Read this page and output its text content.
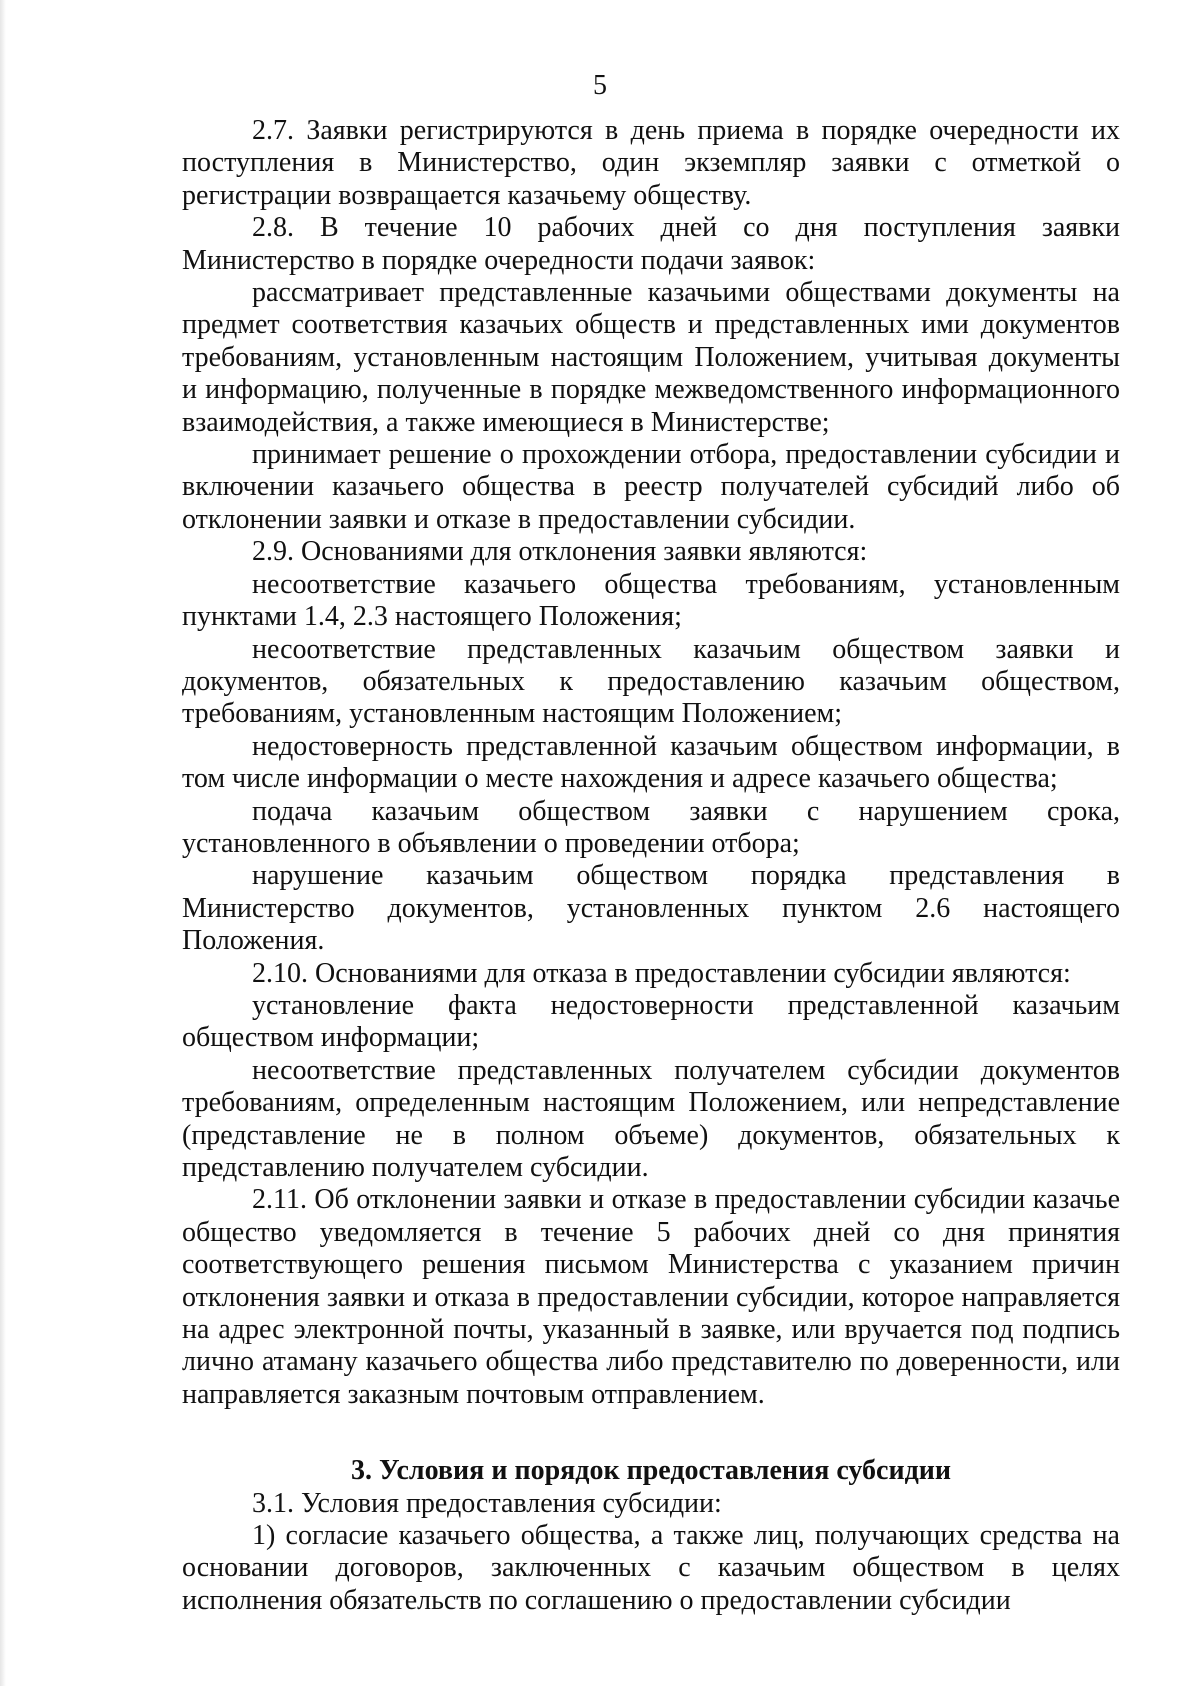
5

2.7. Заявки регистрируются в день приема в порядке очередности их поступления в Министерство, один экземпляр заявки с отметкой о регистрации возвращается казачьему обществу.

2.8. В течение 10 рабочих дней со дня поступления заявки Министерство в порядке очередности подачи заявок:

рассматривает представленные казачьими обществами документы на предмет соответствия казачьих обществ и представленных ими документов требованиям, установленным настоящим Положением, учитывая документы и информацию, полученные в порядке межведомственного информационного взаимодействия, а также имеющиеся в Министерстве;

принимает решение о прохождении отбора, предоставлении субсидии и включении казачьего общества в реестр получателей субсидий либо об отклонении заявки и отказе в предоставлении субсидии.

2.9. Основаниями для отклонения заявки являются:

несоответствие казачьего общества требованиям, установленным пунктами 1.4, 2.3 настоящего Положения;

несоответствие представленных казачьим обществом заявки и документов, обязательных к предоставлению казачьим обществом, требованиям, установленным настоящим Положением;

недостоверность представленной казачьим обществом информации, в том числе информации о месте нахождения и адресе казачьего общества;

подача казачьим обществом заявки с нарушением срока, установленного в объявлении о проведении отбора;

нарушение казачьим обществом порядка представления в Министерство документов, установленных пунктом 2.6 настоящего Положения.

2.10. Основаниями для отказа в предоставлении субсидии являются:

установление факта недостоверности представленной казачьим обществом информации;

несоответствие представленных получателем субсидии документов требованиям, определенным настоящим Положением, или непредставление (представление не в полном объеме) документов, обязательных к представлению получателем субсидии.

2.11. Об отклонении заявки и отказе в предоставлении субсидии казачье общество уведомляется в течение 5 рабочих дней со дня принятия соответствующего решения письмом Министерства с указанием причин отклонения заявки и отказа в предоставлении субсидии, которое направляется на адрес электронной почты, указанный в заявке, или вручается под подпись лично атаману казачьего общества либо представителю по доверенности, или направляется заказным почтовым отправлением.

3. Условия и порядок предоставления субсидии

3.1. Условия предоставления субсидии:

1) согласие казачьего общества, а также лиц, получающих средства на основании договоров, заключенных с казачьим обществом в целях исполнения обязательств по соглашению о предоставлении субсидии
